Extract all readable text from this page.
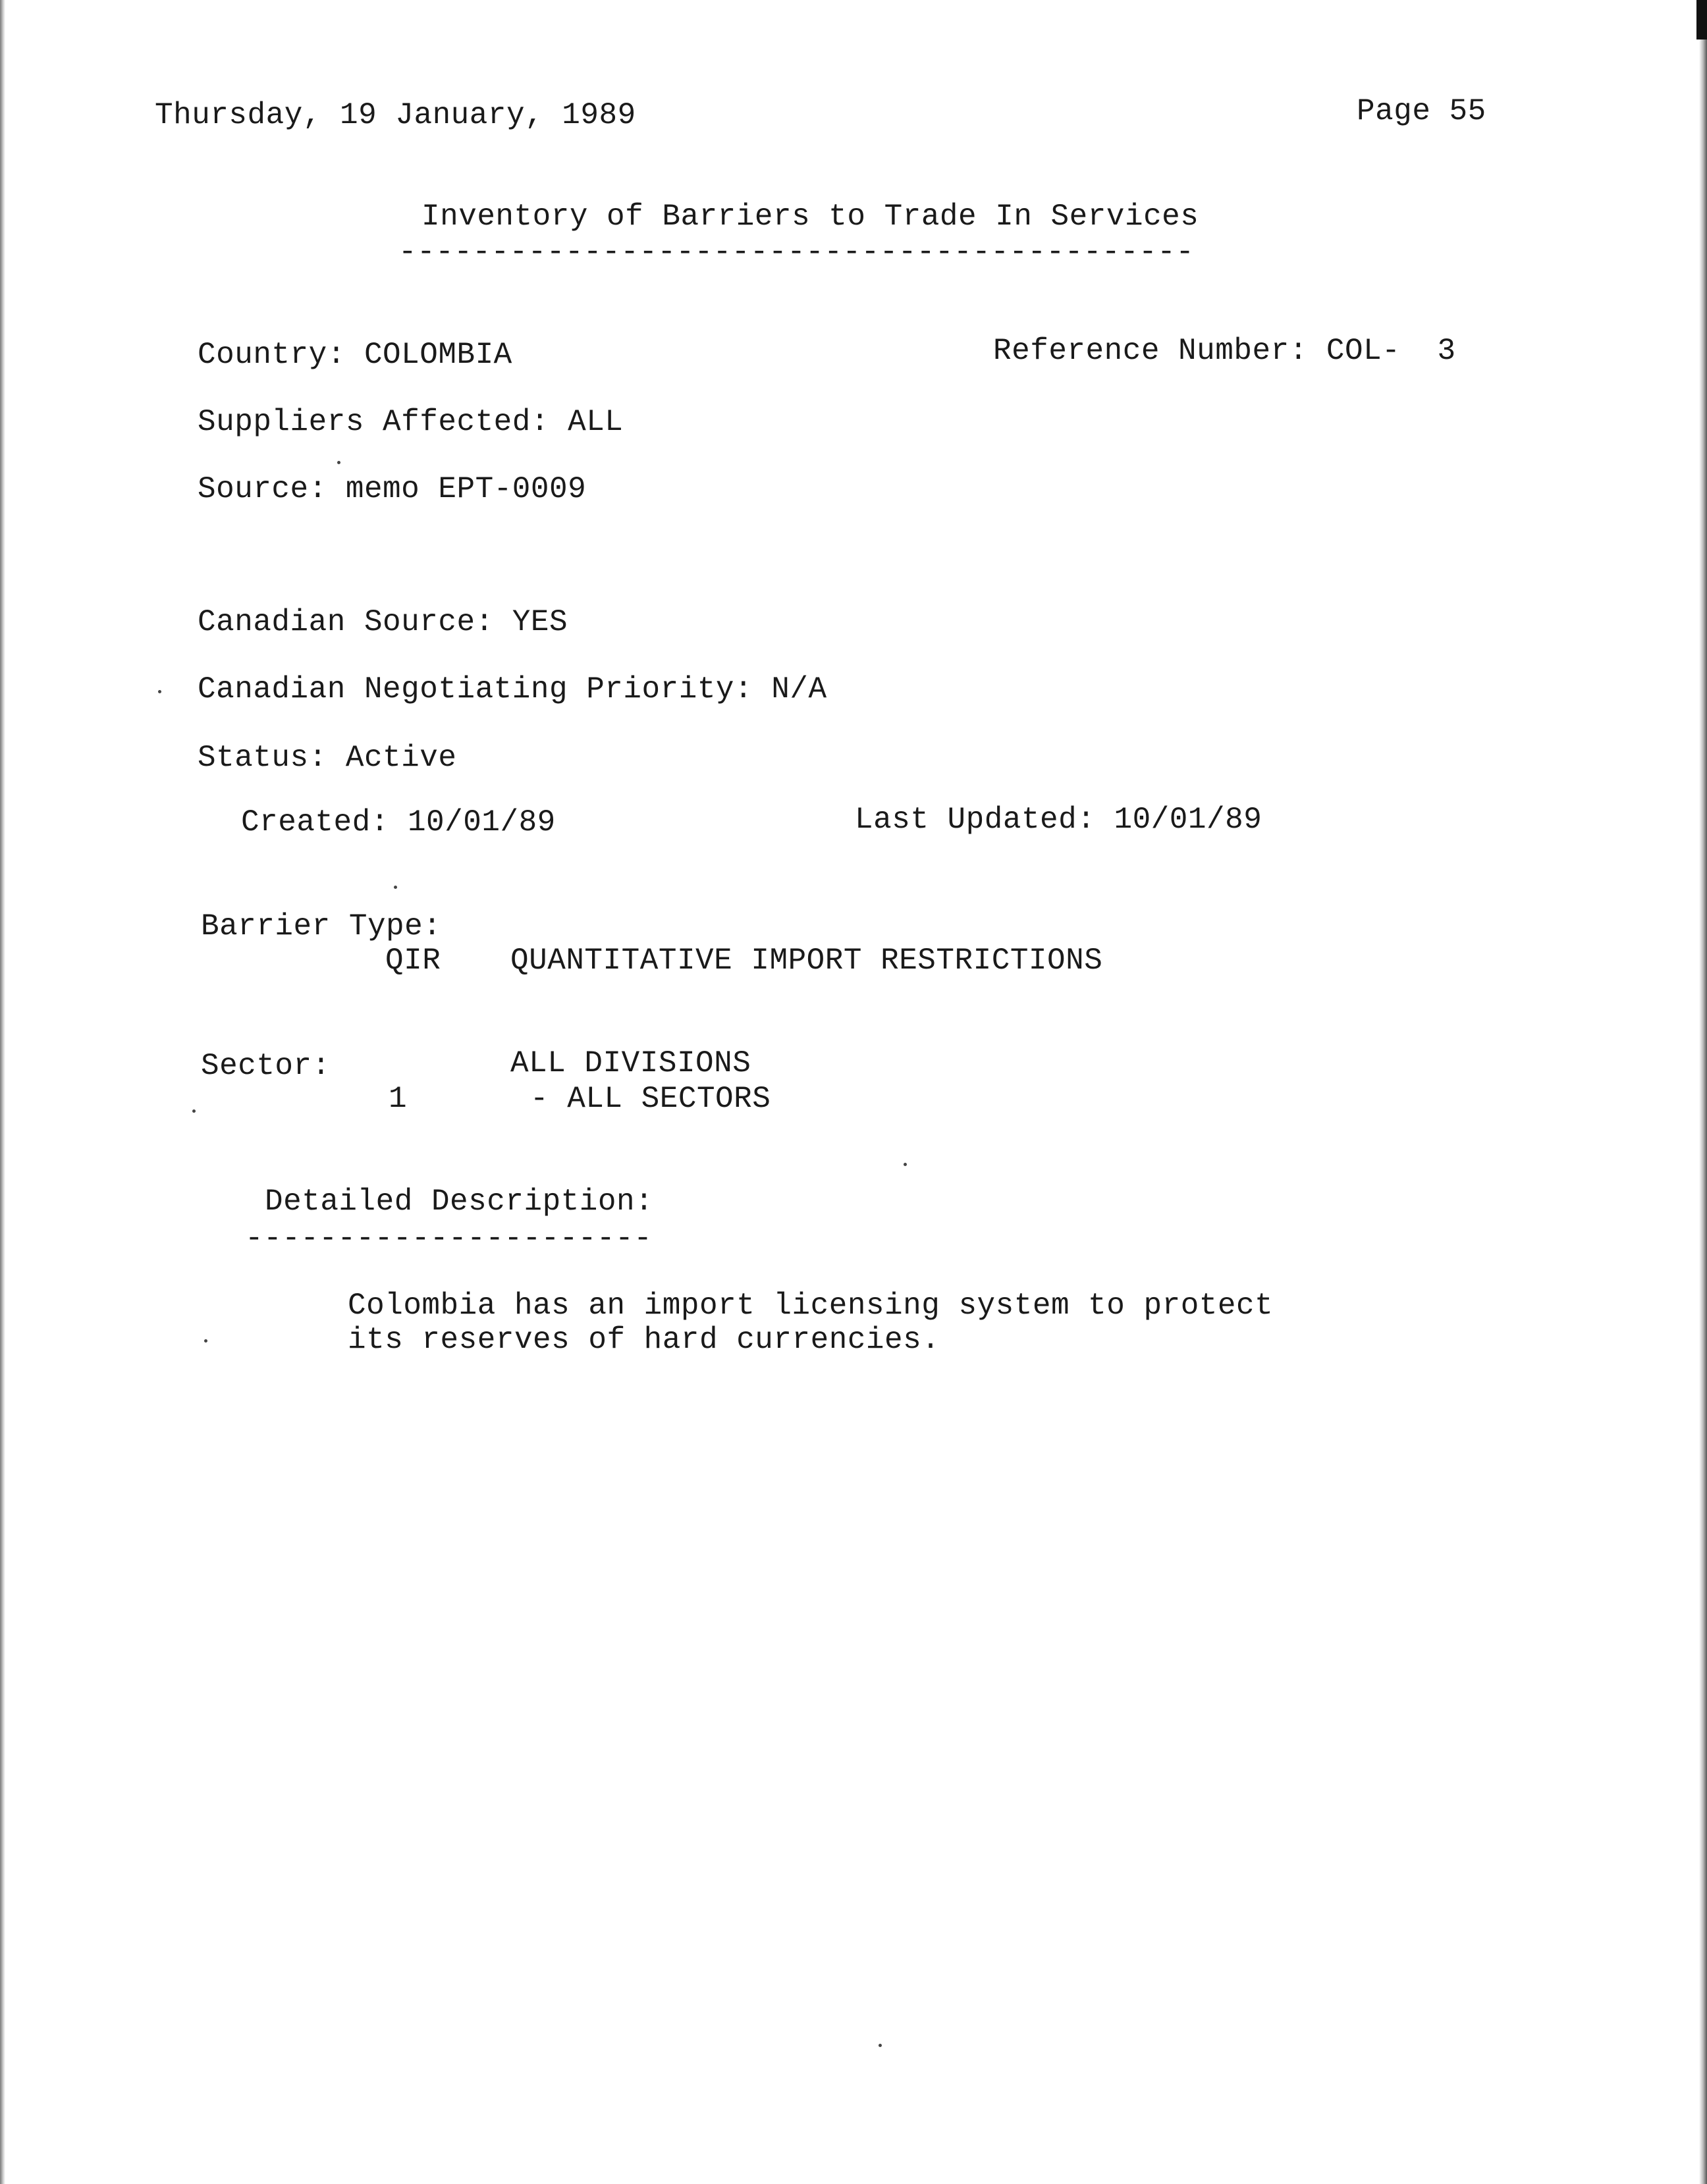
Thursday, 19 January, 1989	Page 55
Inventory of Barriers to Trade In Services
-------------------------------------------
Country: COLOMBIA	Reference Number: COL-  3
Suppliers Affected: ALL
Source: memo EPT-0009
Canadian Source: YES
Canadian Negotiating Priority: N/A
Status: Active
Created: 10/01/89	Last Updated: 10/01/89
Barrier Type:
QIR QUANTITATIVE IMPORT RESTRICTIONS
Sector:	ALL DIVISIONS
1	- ALL SECTORS
Detailed Description:
----------------------
Colombia has an import licensing system to protect
its reserves of hard currencies.
